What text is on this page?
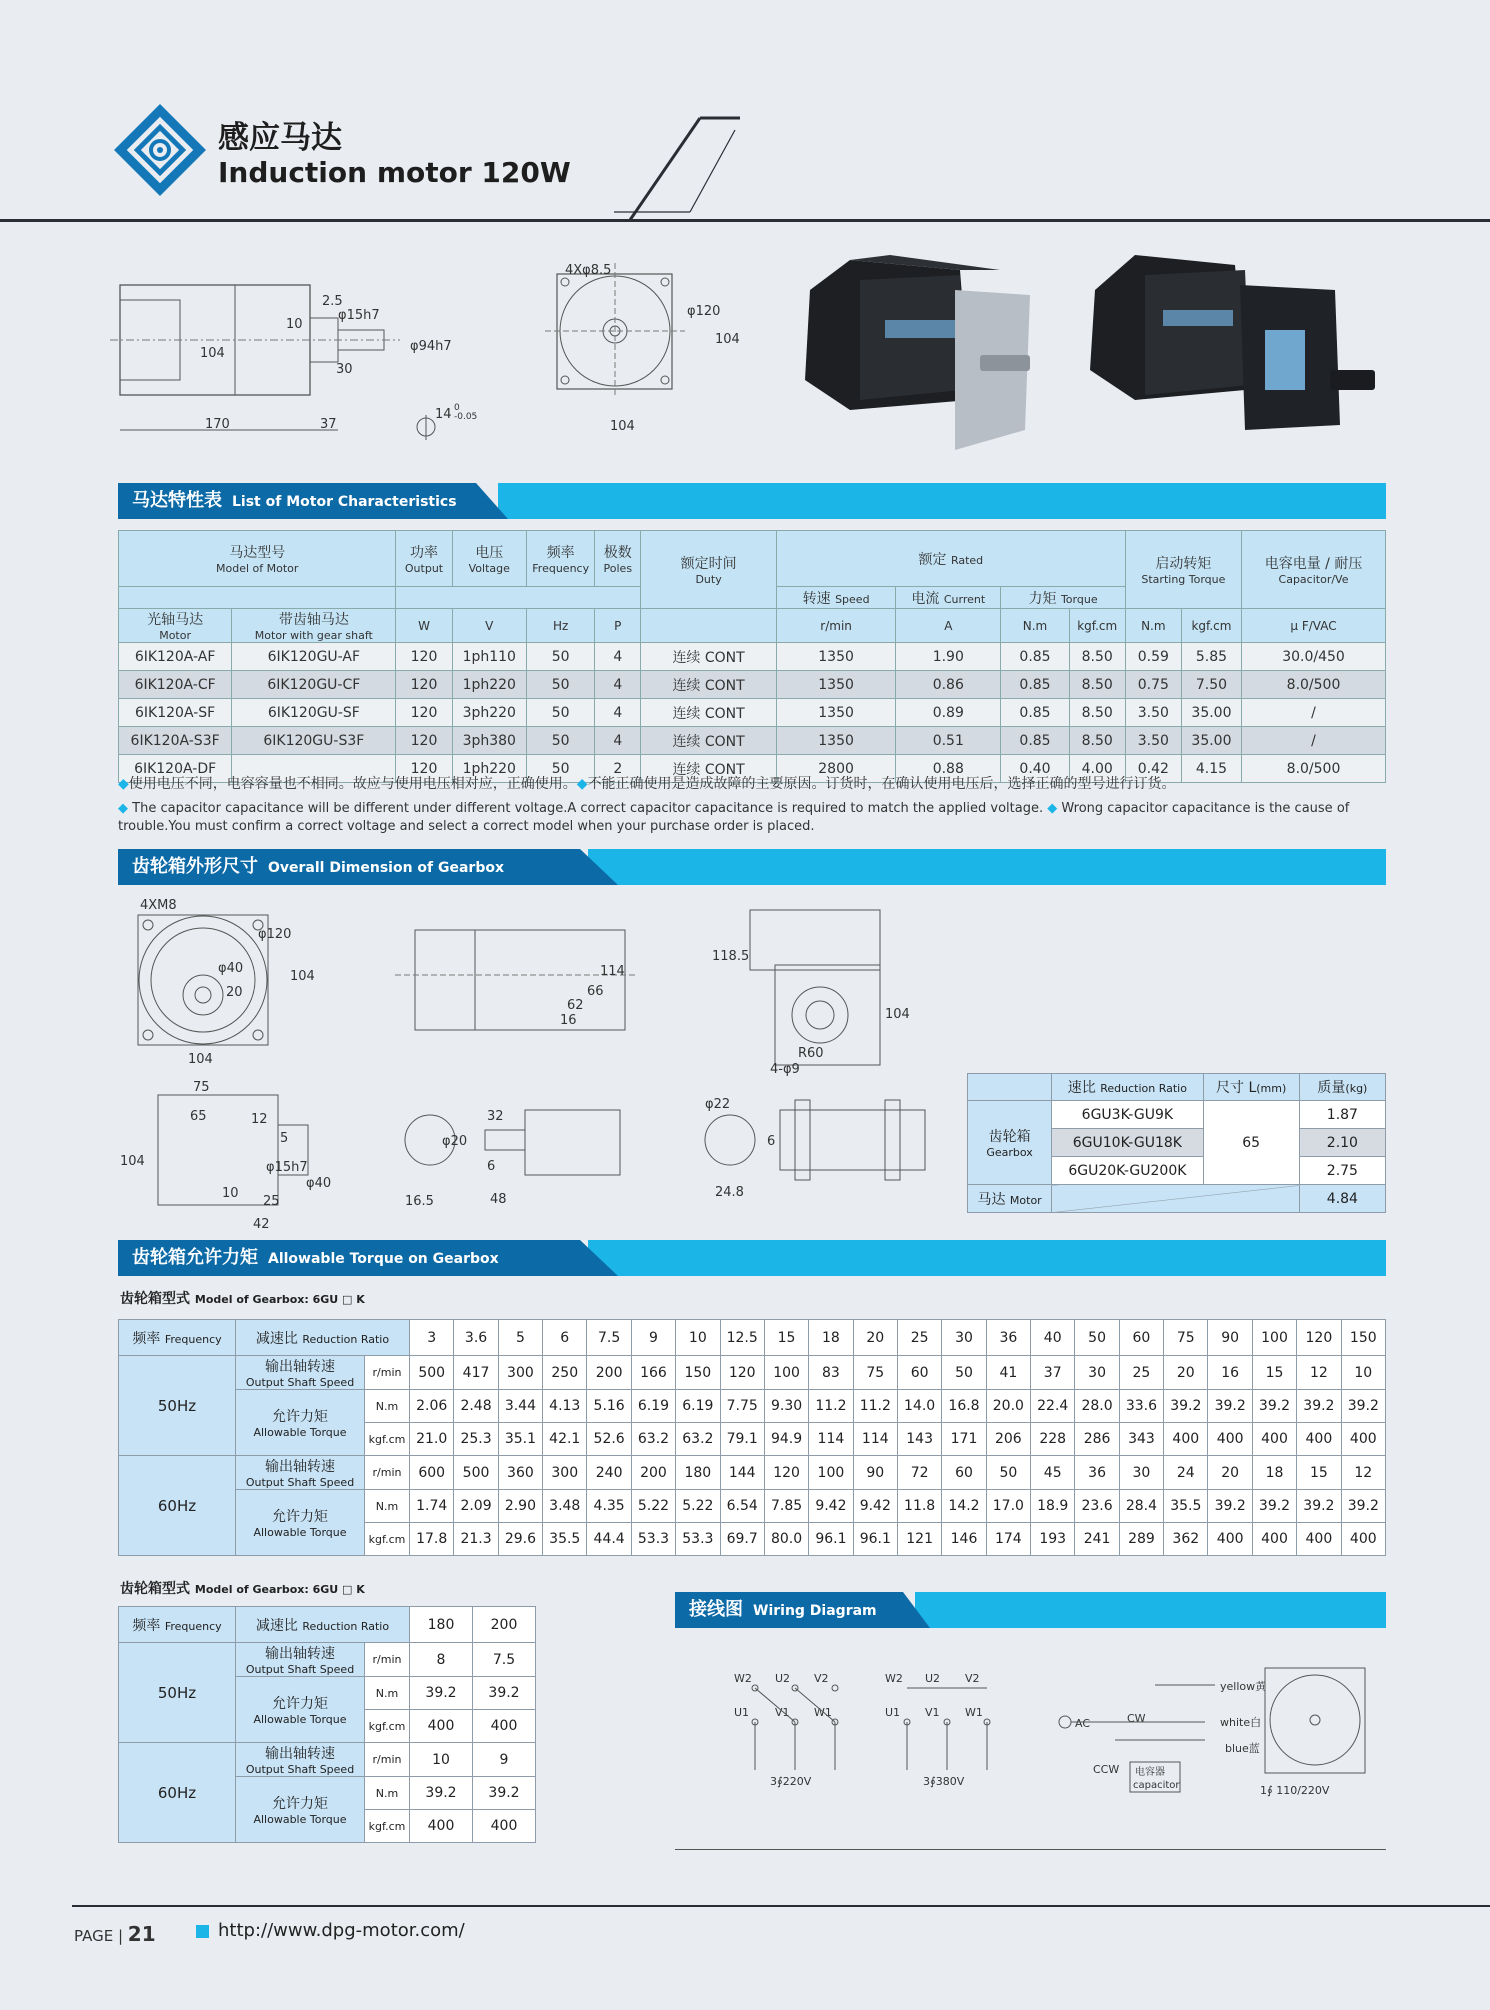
感应马达
Induction motor 120W
170	37
104
2.5
10
φ15h7
φ94h7
30
14 0
-0.05
4Xφ8.5
φ120
104
104
马达特性表 List of Motor Characteristics
马达型号
Model of Motor		功率
Output	电压
Voltage	频率
Frequency	极数
Poles	额定时间
Duty	额定 Rated				启动转矩
Starting Torque		电容电量 / 耐压
Capacitor/Ve

							转速 Speed	电流 Current	力矩 Torque				

光轴马达
Motor	带齿轴马达
Motor with gear shaft	W	V	Hz	P		r/min	A	N.m	kgf.cm	N.m	kgf.cm	μ F/VAC
6IK120A-AF	6IK120GU-AF	120	1ph110	50	4	连续 CONT	1350	1.90	0.85	8.50	0.59	5.85	30.0/450
6IK120A-CF	6IK120GU-CF	120	1ph220	50	4	连续 CONT	1350	0.86	0.85	8.50	0.75	7.50	8.0/500
6IK120A-SF	6IK120GU-SF	120	3ph220	50	4	连续 CONT	1350	0.89	0.85	8.50	3.50	35.00	/
6IK120A-S3F	6IK120GU-S3F	120	3ph380	50	4	连续 CONT	1350	0.51	0.85	8.50	3.50	35.00	/
6IK120A-DF		120	1ph220	50	2	连续 CONT	2800	0.88	0.40	4.00	0.42	4.15	8.0/500
◆使用电压不同，电容容量也不相同。故应与使用电压相对应，正确使用。◆不能正确使用是造成故障的主要原因。订货时，在确认使用电压后，选择正确的型号进行订货。
◆ The capacitor capacitance will be different under different voltage.A correct capacitor capacitance is required to match the applied voltage. ◆ Wrong capacitor capacitance is the cause of trouble.You must confirm a correct voltage and select a correct model when your purchase order is placed.
齿轮箱外形尺寸 Overall Dimension of Gearbox
4XM8
φ120
φ40
20
104
104
114
66
62
16
118.5
104
R60
4-φ9
75
65	12
5
104	φ15h7
φ40
10
25
42
φ20
16.5
32
6
48
φ22
6
24.8
	速比 Reduction Ratio	尺寸 L(mm)	质量(kg)

齿轮箱
Gearbox	6GU3K-GU9K	65	1.87
	6GU10K-GU18K		2.10
	6GU20K-GU200K		2.75
马达 Motor			4.84
齿轮箱允许力矩 Allowable Torque on Gearbox
齿轮箱型式 Model of Gearbox: 6GU □ K
频率 Frequency	减速比 Reduction Ratio		3	3.6	5	6	7.5	9	10	12.5	15	18	20	25	30	36	40	50	60	75	90	100	120	150
50Hz	输出轴转速
Output Shaft Speed	r/min	500	417	300	250	200	166	150	120	100	83	75	60	50	41	37	30	25	20	16	15	12	10

	允许力矩
Allowable Torque	N.m	2.06	2.48	3.44	4.13	5.16	6.19	6.19	7.75	9.30	11.2	11.2	14.0	16.8	20.0	22.4	28.0	33.6	39.2	39.2	39.2	39.2	39.2
		kgf.cm	21.0	25.3	35.1	42.1	52.6	63.2	63.2	79.1	94.9	114	114	143	171	206	228	286	343	400	400	400	400	400
60Hz	输出轴转速
Output Shaft Speed	r/min	600	500	360	300	240	200	180	144	120	100	90	72	60	50	45	36	30	24	20	18	15	12

	允许力矩
Allowable Torque	N.m	1.74	2.09	2.90	3.48	4.35	5.22	5.22	6.54	7.85	9.42	9.42	11.8	14.2	17.0	18.9	23.6	28.4	35.5	39.2	39.2	39.2	39.2
		kgf.cm	17.8	21.3	29.6	35.5	44.4	53.3	53.3	69.7	80.0	96.1	96.1	121	146	174	193	241	289	362	400	400	400	400
齿轮箱型式 Model of Gearbox: 6GU □ K
频率 Frequency	减速比 Reduction Ratio		180	200
50Hz	输出轴转速
Output Shaft Speed	r/min	8	7.5

	允许力矩
Allowable Torque	N.m	39.2	39.2
		kgf.cm	400	400
60Hz	输出轴转速
Output Shaft Speed	r/min	10	9

	允许力矩
Allowable Torque	N.m	39.2	39.2
		kgf.cm	400	400
接线图 Wiring Diagram
W2 U2 V2
U1 V1 W1
3∮220V
W2 U2 V2
U1 V1 W1
3∮380V
AC	CW
CCW
yellow黄
white白
blue蓝
电容器
capacitor	1∮ 110/220V
PAGE | 21	http://www.dpg-motor.com/
